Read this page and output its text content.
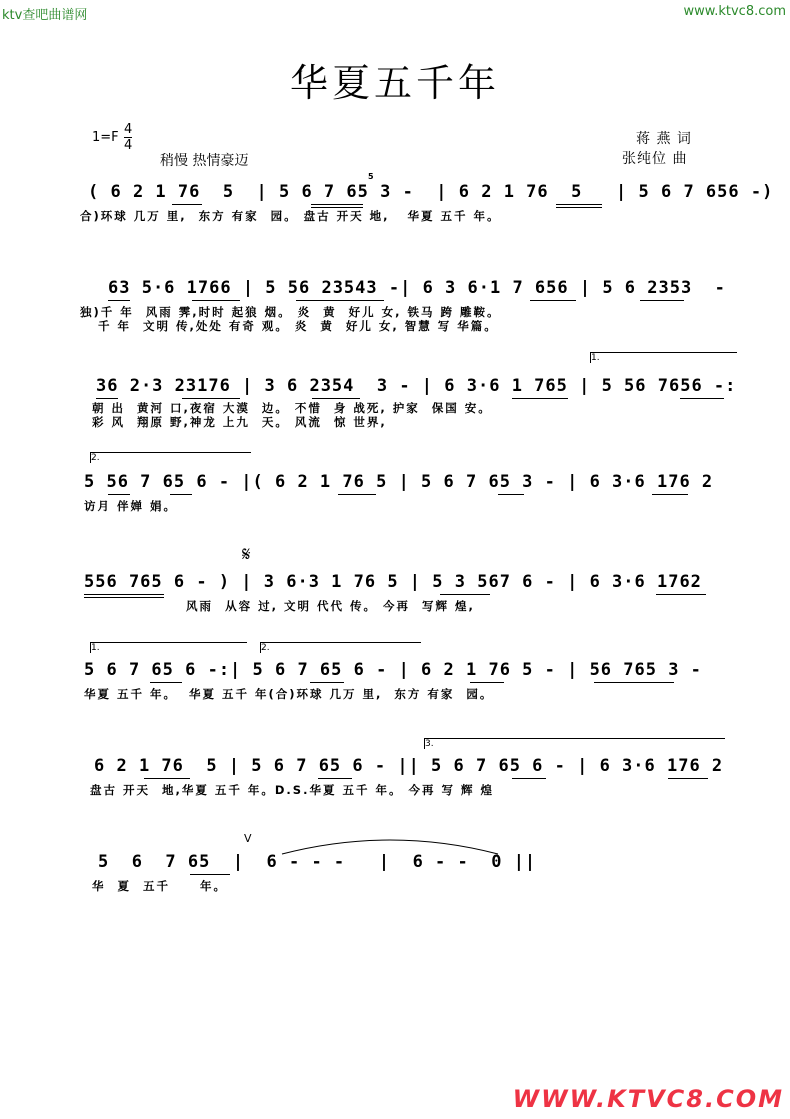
ktv查吧曲谱网	www.ktvc8.com
华夏五千年
1=F
4
4
稍慢 热情豪迈
蒋 燕 词
张纯位 曲
( 6 2 1 76  5  | 5 6 7 65 3 -  | 6 2 1 76  5   | 5 6 7 656 -)
合)环球 几万 里,  东方 有家  园。 盘古 开天 地,   华夏 五千 年。
5
63 5·6 1766 | 5 56 23543 -| 6 3 6·1 7 656 | 5 6 2353  -
独)千 年  风雨 霁,时时 起狼 烟。 炎  黄  好儿 女, 铁马 跨 雕鞍。
千 年  文明 传,处处 有奇 观。 炎  黄  好儿 女, 智慧 写 华篇。
36 2·3 23176 | 3 6 2354  3 - | 6 3·6 1 765 | 5 56 7656 -:
朝 出  黄河 口,夜宿 大漠  边。 不惜  身 战死, 护家  保国 安。
彩 风  翔原 野,神龙 上九  天。 风流  惊 世界,
1.
5 56 7 65 6 - |( 6 2 1 76 5 | 5 6 7 65 3 - | 6 3·6 176 2
访月 伴婵 娟。
2.
556 765 6 - ) | 3 6·3 1 76 5 | 5 3 567 6 - | 6 3·6 1762
风雨  从容 过, 文明 代代 传。 今再  写辉 煌,
𝄋
5 6 7 65 6 -:| 5 6 7 65 6 - | 6 2 1 76 5 - | 56 765 3 -
华夏 五千 年。  华夏 五千 年(合)环球 几万 里,  东方 有家  园。
1.	2.
6 2 1 76  5 | 5 6 7 65 6 - || 5 6 7 65 6 - | 6 3·6 176 2
盘古 开天  地,华夏 五千 年。D.S.华夏 五千 年。 今再 写 辉 煌
3.
5  6  7 65  |  6 - - -   |  6 - -  0 ||
华  夏  五千     年。
V
WWW.KTVC8.COM
